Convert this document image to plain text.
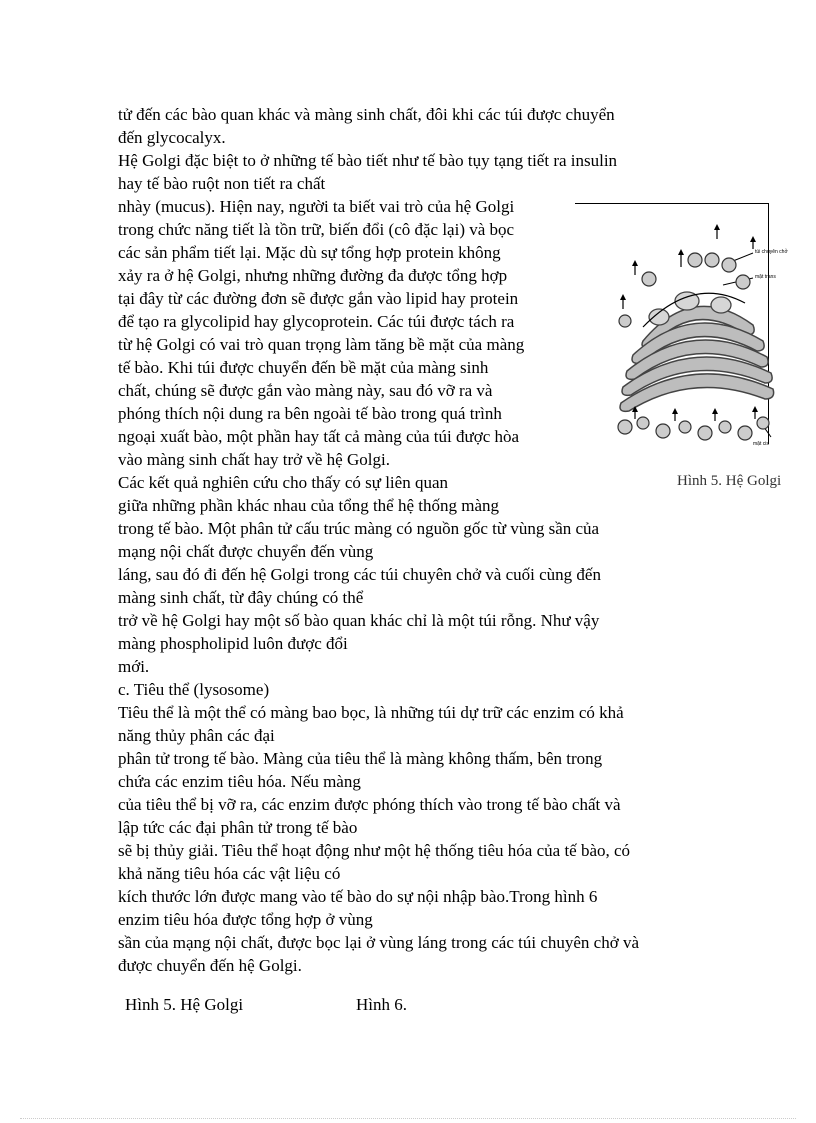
tử đến các bào quan khác và màng sinh chất, đôi khi các túi được chuyển

đến glycocalyx.

Hệ Golgi đặc biệt to ở những tế bào tiết như tế bào tụy tạng tiết ra insulin

hay tế bào ruột non tiết ra chất

nhày (mucus). Hiện nay, người ta biết vai trò của hệ Golgi

trong chức năng tiết là tồn trữ, biến đổi (cô đặc lại) và bọc

các sản phẩm tiết lại. Mặc dù sự tổng hợp protein không

xảy ra ở hệ Golgi, nhưng những đường đa được tổng hợp

tại đây từ các đường đơn sẽ được gắn vào lipid hay protein

để tạo ra glycolipid hay glycoprotein. Các túi được tách ra

từ hệ Golgi có vai trò quan trọng làm tăng bề mặt của màng

tế bào. Khi túi được chuyển đến bề mặt của màng sinh

chất, chúng sẽ được gắn vào màng này, sau đó vỡ ra và

phóng thích nội dung ra bên ngoài tế bào trong quá trình

ngoại xuất bào, một phần hay tất cả màng của túi được hòa

vào màng sinh chất hay trở về hệ Golgi.

Các kết quả nghiên cứu cho thấy có sự liên quan

giữa những phần khác nhau của tổng thể hệ thống màng

trong tế bào. Một phân tử cấu trúc màng có nguồn gốc từ vùng sần của

mạng nội chất được chuyển đến vùng

láng, sau đó đi đến hệ Golgi trong các túi chuyên chở và cuối cùng đến

màng sinh chất, từ đây chúng có thể

trở về hệ Golgi hay một số bào quan khác chỉ là một túi rỗng. Như vậy

màng phospholipid luôn được đổi

mới.

c. Tiêu thể (lysosome)

Tiêu thể là một thể có màng bao bọc, là những túi dự trữ các enzim có khả

năng thủy phân các đại

phân tử trong tế bào. Màng của tiêu thể là màng không thấm, bên trong

chứa các enzim tiêu hóa. Nếu màng

của tiêu thể bị vỡ ra, các enzim được phóng thích vào trong tế bào chất và

lập tức các đại phân tử trong tế bào

sẽ bị thủy giải. Tiêu thể hoạt động như một hệ thống tiêu hóa của tế bào, có

khả năng tiêu hóa các vật liệu có

kích thước lớn được mang vào tế bào do sự nội nhập bào.Trong hình 6

enzim tiêu hóa được tổng hợp ở vùng

sần của mạng nội chất, được bọc lại ở vùng láng trong các túi chuyên chở và

được chuyển đến hệ Golgi.

túi chuyên chở
mặt trans
mặt cis
Hình 5. Hệ Golgi
Hình 5. Hệ Golgi	Hình 6.
